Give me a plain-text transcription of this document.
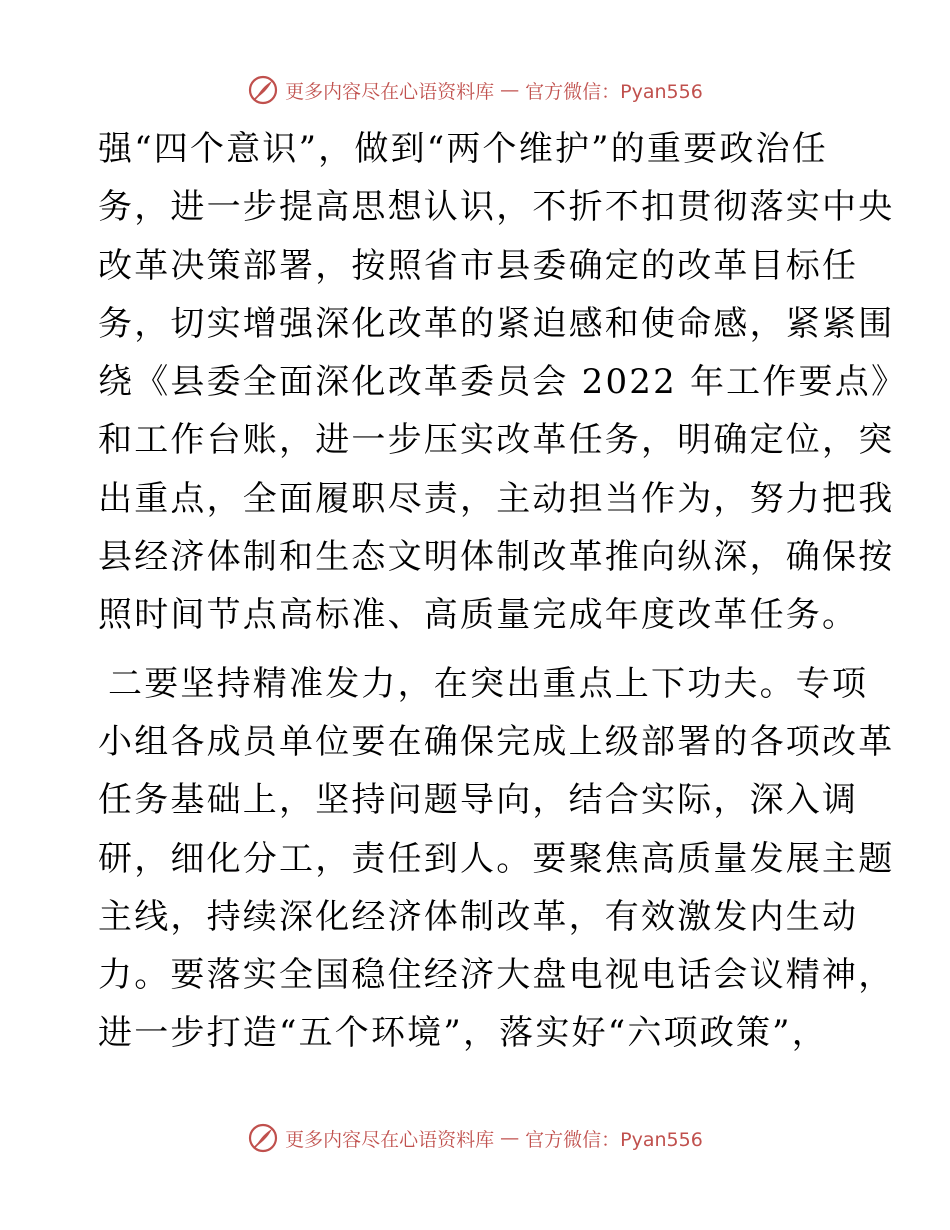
更多内容尽在心语资料库 — 官方微信：Pyan556
强“四个意识”，做到“两个维护”的重要政治任
务，进一步提高思想认识，不折不扣贯彻落实中央
改革决策部署，按照省市县委确定的改革目标任
务，切实增强深化改革的紧迫感和使命感，紧紧围
绕《县委全面深化改革委员会 2022 年工作要点》
和工作台账，进一步压实改革任务，明确定位，突
出重点，全面履职尽责，主动担当作为，努力把我
县经济体制和生态文明体制改革推向纵深，确保按
照时间节点高标准、高质量完成年度改革任务。
二要坚持精准发力，在突出重点上下功夫。专项
小组各成员单位要在确保完成上级部署的各项改革
任务基础上，坚持问题导向，结合实际，深入调
研，细化分工，责任到人。要聚焦高质量发展主题
主线，持续深化经济体制改革，有效激发内生动
力。要落实全国稳住经济大盘电视电话会议精神，
进一步打造“五个环境”，落实好“六项政策”，
更多内容尽在心语资料库 — 官方微信：Pyan556
